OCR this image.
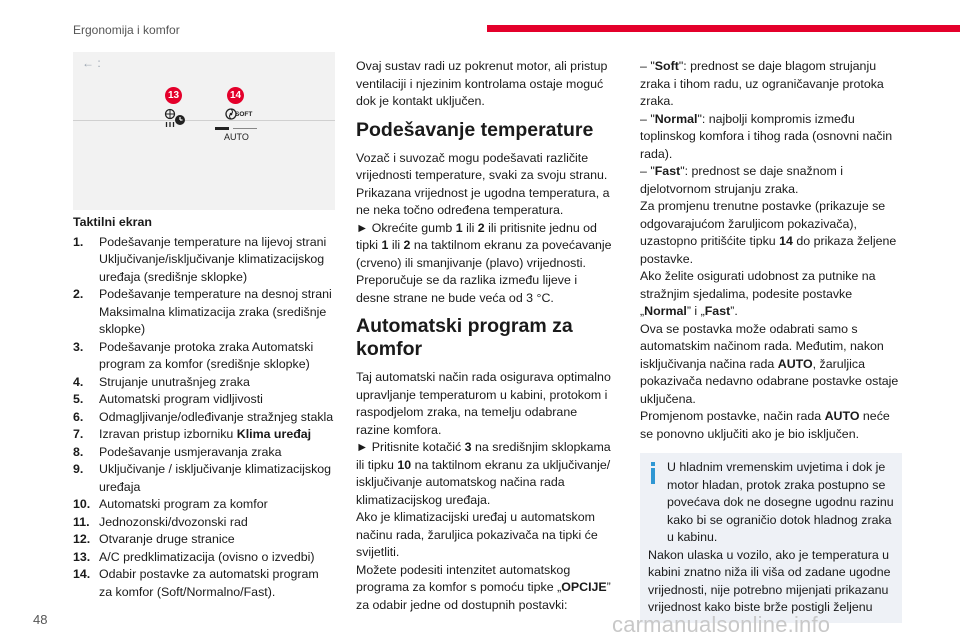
Ergonomija i komfor
← :
13	14
SOFT
AUTO

Taktilni ekran

1. Podešavanje temperature na lijevoj strani Uključivanje/isključivanje klimatizacijskog uređaja (središnje sklopke)
2. Podešavanje temperature na desnoj strani Maksimalna klimatizacija zraka (središnje sklopke)
3. Podešavanje protoka zraka Automatski program za komfor (središnje sklopke)
4. Strujanje unutrašnjeg zraka
5. Automatski program vidljivosti
6. Odmagljivanje/odleđivanje stražnjeg stakla
7. Izravan pristup izborniku Klima uređaj
8. Podešavanje usmjeravanja zraka
9. Uključivanje / isključivanje klimatizacijskog uređaja
10. Automatski program za komfor
11. Jednozonski/dvozonski rad
12. Otvaranje druge stranice
13. A/C predklimatizacija (ovisno o izvedbi)
14. Odabir postavke za automatski program za komfor (Soft/Normalno/Fast).

Ovaj sustav radi uz pokrenut motor, ali pristup ventilaciji i njezinim kontrolama ostaje moguć dok je kontakt uključen.

Podešavanje temperature

Vozač i suvozač mogu podešavati različite vrijednosti temperature, svaki za svoju stranu.

Prikazana vrijednost je ugodna temperatura, a ne neka točno određena temperatura.

► Okrećite gumb 1 ili 2 ili pritisnite jednu od tipki 1 ili 2 na taktilnom ekranu za povećavanje (crveno) ili smanjivanje (plavo) vrijednosti.

Preporučuje se da razlika između lijeve i desne strane ne bude veća od 3 °C.

Automatski program za komfor

Taj automatski način rada osigurava optimalno upravljanje temperaturom u kabini, protokom i raspodjelom zraka, na temelju odabrane razine komfora.

► Pritisnite kotačić 3 na središnjim sklopkama ili tipku 10 na taktilnom ekranu za uključivanje/ isključivanje automatskog načina rada klimatizacijskog uređaja.

Ako je klimatizacijski uređaj u automatskom načinu rada, žaruljica pokazivača na tipki će svijetliti.

Možete podesiti intenzitet automatskog programa za komfor s pomoću tipke „OPCIJE” za odabir jedne od dostupnih postavki:

– "Soft": prednost se daje blagom strujanju zraka i tihom radu, uz ograničavanje protoka zraka.

– "Normal": najbolji kompromis između toplinskog komfora i tihog rada (osnovni način rada).

– "Fast": prednost se daje snažnom i djelotvornom strujanju zraka.

Za promjenu trenutne postavke (prikazuje se odgovarajućom žaruljicom pokazivača), uzastopno pritišćite tipku 14 do prikaza željene postavke.

Ako želite osigurati udobnost za putnike na stražnjim sjedalima, podesite postavke „Normal” i „Fast”.

Ova se postavka može odabrati samo s automatskim načinom rada. Međutim, nakon isključivanja načina rada AUTO, žaruljica pokazivača nedavno odabrane postavke ostaje uključena.

Promjenom postavke, način rada AUTO neće se ponovno uključiti ako je bio isključen.

U hladnim vremenskim uvjetima i dok je motor hladan, protok zraka postupno se povećava dok ne dosegne ugodnu razinu kako bi se ograničio dotok hladnog zraka u kabinu.

Nakon ulaska u vozilo, ako je temperatura u kabini znatno niža ili viša od zadane ugodne vrijednosti, nije potrebno mijenjati prikazanu vrijednost kako biste brže postigli željenu

48	carmanualsonline.info
